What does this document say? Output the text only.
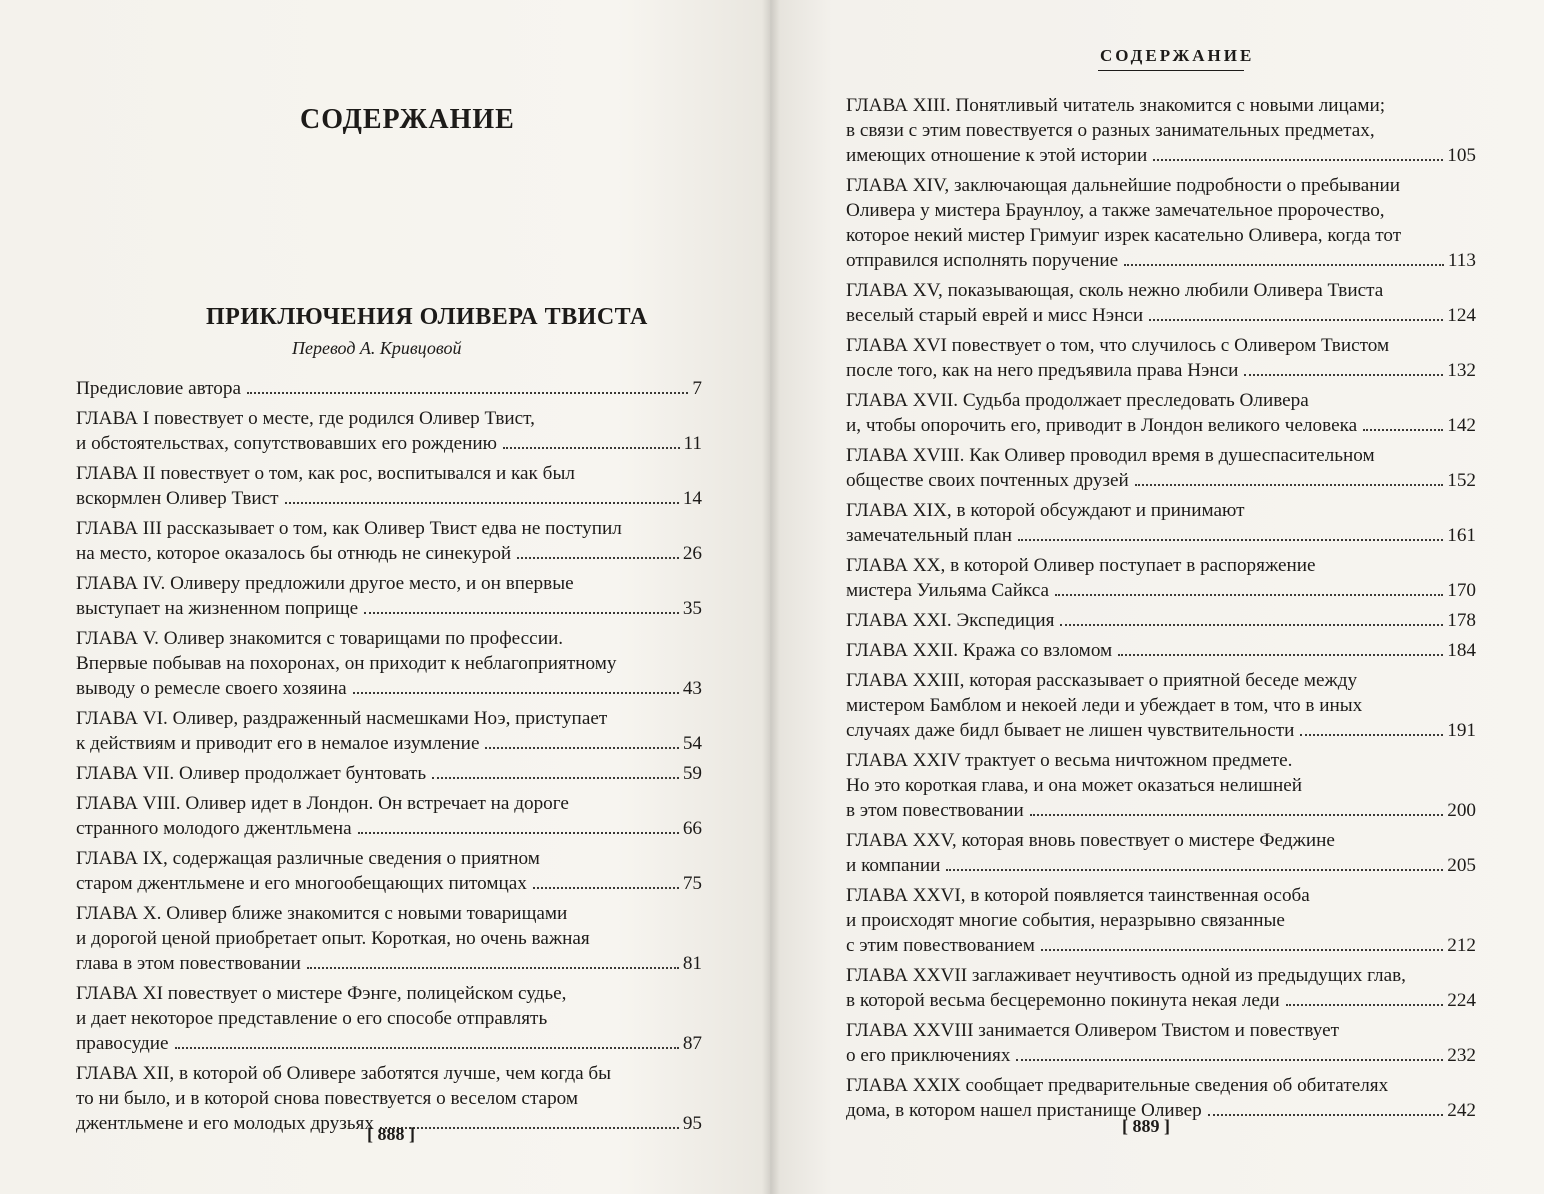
СОДЕРЖАНИЕ
СОДЕРЖАНИЕ
ПРИКЛЮЧЕНИЯ ОЛИВЕРА ТВИСТА
Перевод А. Кривцовой
Предисловие автора	7
ГЛАВА I повествует о месте, где родился Оливер Твист,
и обстоятельствах, сопутствовавших его рождению	11
ГЛАВА II повествует о том, как рос, воспитывался и как был
вскормлен Оливер Твист	14
ГЛАВА III рассказывает о том, как Оливер Твист едва не поступил
на место, которое оказалось бы отнюдь не синекурой	26
ГЛАВА IV. Оливеру предложили другое место, и он впервые
выступает на жизненном поприще	35
ГЛАВА V. Оливер знакомится с товарищами по профессии.
Впервые побывав на похоронах, он приходит к неблагоприятному
выводу о ремесле своего хозяина	43
ГЛАВА VI. Оливер, раздраженный насмешками Ноэ, приступает
к действиям и приводит его в немалое изумление	54
ГЛАВА VII. Оливер продолжает бунтовать	59
ГЛАВА VIII. Оливер идет в Лондон. Он встречает на дороге
странного молодого джентльмена	66
ГЛАВА IX, содержащая различные сведения о приятном
старом джентльмене и его многообещающих питомцах	75
ГЛАВА X. Оливер ближе знакомится с новыми товарищами
и дорогой ценой приобретает опыт. Короткая, но очень важная
глава в этом повествовании	81
ГЛАВА XI повествует о мистере Фэнге, полицейском судье,
и дает некоторое представление о его способе отправлять
правосудие	87
ГЛАВА XII, в которой об Оливере заботятся лучше, чем когда бы
то ни было, и в которой снова повествуется о веселом старом
джентльмене и его молодых друзьях	95
ГЛАВА XIII. Понятливый читатель знакомится с новыми лицами;
в связи с этим повествуется о разных занимательных предметах,
имеющих отношение к этой истории	105
ГЛАВА XIV, заключающая дальнейшие подробности о пребывании
Оливера у мистера Браунлоу, а также замечательное пророчество,
которое некий мистер Гримуиг изрек касательно Оливера, когда тот
отправился исполнять поручение	113
ГЛАВА XV, показывающая, сколь нежно любили Оливера Твиста
веселый старый еврей и мисс Нэнси	124
ГЛАВА XVI повествует о том, что случилось с Оливером Твистом
после того, как на него предъявила права Нэнси	132
ГЛАВА XVII. Судьба продолжает преследовать Оливера
и, чтобы опорочить его, приводит в Лондон великого человека	142
ГЛАВА XVIII. Как Оливер проводил время в душеспасительном
обществе своих почтенных друзей	152
ГЛАВА XIX, в которой обсуждают и принимают
замечательный план	161
ГЛАВА XX, в которой Оливер поступает в распоряжение
мистера Уильяма Сайкса	170
ГЛАВА XXI. Экспедиция	178
ГЛАВА XXII. Кража со взломом	184
ГЛАВА XXIII, которая рассказывает о приятной беседе между
мистером Бамблом и некоей леди и убеждает в том, что в иных
случаях даже бидл бывает не лишен чувствительности	191
ГЛАВА XXIV трактует о весьма ничтожном предмете.
Но это короткая глава, и она может оказаться нелишней
в этом повествовании	200
ГЛАВА XXV, которая вновь повествует о мистере Феджине
и компании	205
ГЛАВА XXVI, в которой появляется таинственная особа
и происходят многие события, неразрывно связанные
с этим повествованием	212
ГЛАВА XXVII заглаживает неучтивость одной из предыдущих глав,
в которой весьма бесцеремонно покинута некая леди	224
ГЛАВА XXVIII занимается Оливером Твистом и повествует
о его приключениях	232
ГЛАВА XXIX сообщает предварительные сведения об обитателях
дома, в котором нашел пристанище Оливер	242
[ 888 ]	[ 889 ]
